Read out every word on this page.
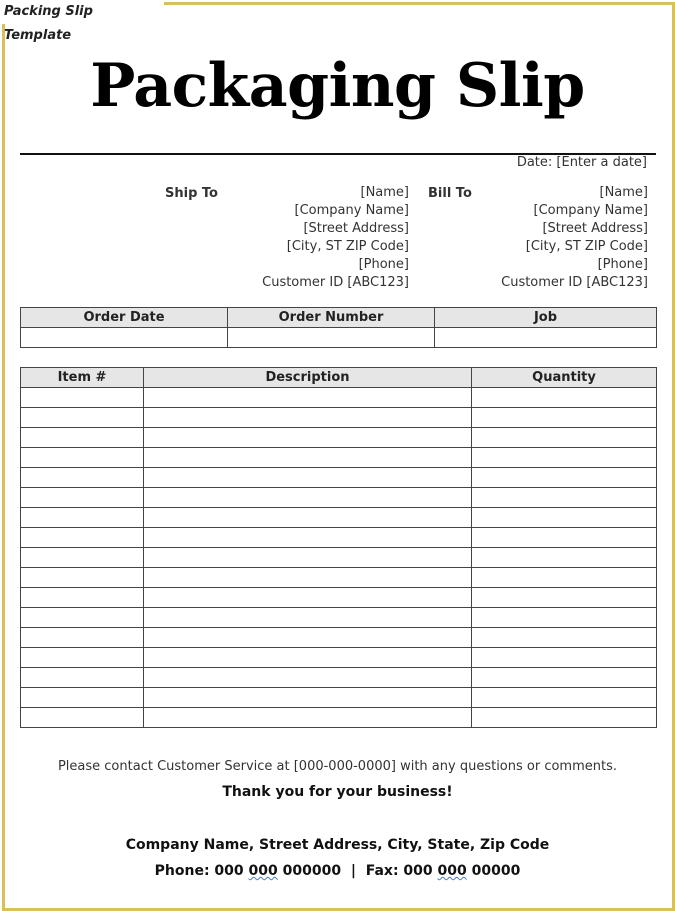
Packing Slip Template
Packaging Slip
Date: [Enter a date]
Ship To	[Name]
[Company Name]
[Street Address]
[City, ST ZIP Code]
[Phone]
Customer ID [ABC123]
Bill To	[Name]
[Company Name]
[Street Address]
[City, ST ZIP Code]
[Phone]
Customer ID [ABC123]
Order Date	Order Number	Job

Item #	Description	Quantity

Please contact Customer Service at [000-000-0000] with any questions or comments.
Thank you for your business!
Company Name, Street Address, City, State, Zip Code
Phone: 000 000 000000  |  Fax: 000 000 00000
